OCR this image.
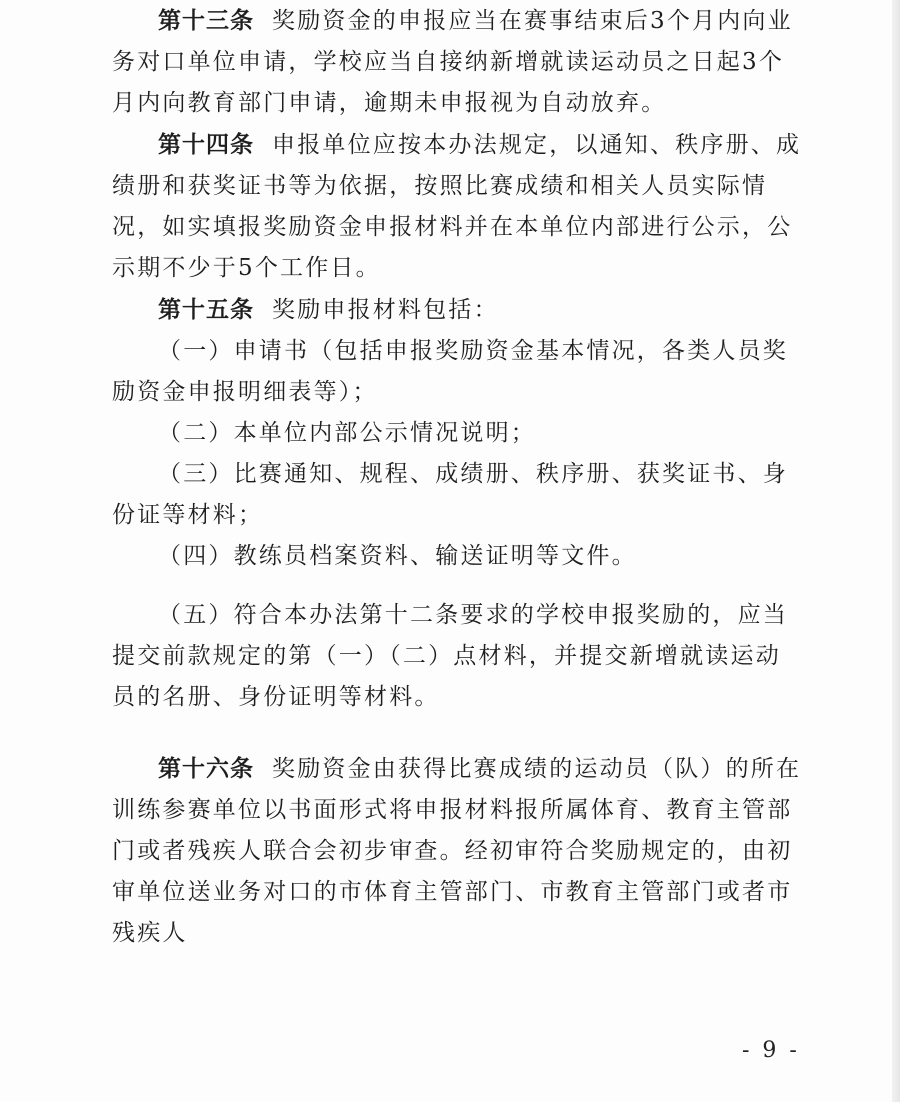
第十三条 奖励资金的申报应当在赛事结束后3个月内向业务对口单位申请，学校应当自接纳新增就读运动员之日起3个月内向教育部门申请，逾期未申报视为自动放弃。

第十四条 申报单位应按本办法规定，以通知、秩序册、成绩册和获奖证书等为依据，按照比赛成绩和相关人员实际情况，如实填报奖励资金申报材料并在本单位内部进行公示，公示期不少于5个工作日。

第十五条 奖励申报材料包括：

（一）申请书（包括申报奖励资金基本情况，各类人员奖励资金申报明细表等）；

（二）本单位内部公示情况说明；

（三）比赛通知、规程、成绩册、秩序册、获奖证书、身份证等材料；

（四）教练员档案资料、输送证明等文件。

（五）符合本办法第十二条要求的学校申报奖励的，应当提交前款规定的第（一）（二）点材料，并提交新增就读运动员的名册、身份证明等材料。

第十六条 奖励资金由获得比赛成绩的运动员（队）的所在训练参赛单位以书面形式将申报材料报所属体育、教育主管部门或者残疾人联合会初步审查。经初审符合奖励规定的，由初审单位送业务对口的市体育主管部门、市教育主管部门或者市残疾人

- 9 -
